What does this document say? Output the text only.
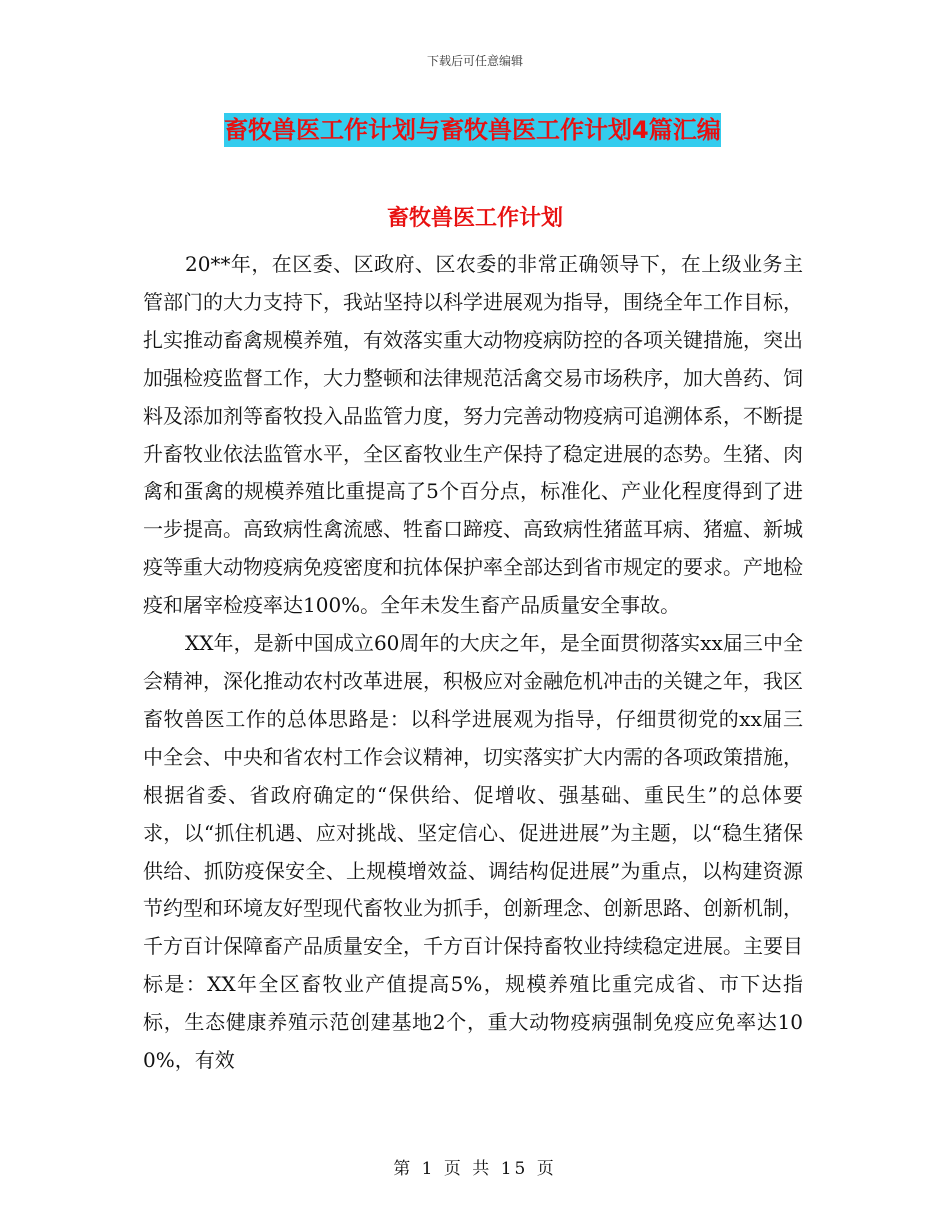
下载后可任意编辑
畜牧兽医工作计划与畜牧兽医工作计划4篇汇编
畜牧兽医工作计划

20**年，在区委、区政府、区农委的非常正确领导下，在上级业务主管部门的大力支持下，我站坚持以科学进展观为指导，围绕全年工作目标，扎实推动畜禽规模养殖，有效落实重大动物疫病防控的各项关键措施，突出加强检疫监督工作，大力整顿和法律规范活禽交易市场秩序，加大兽药、饲料及添加剂等畜牧投入品监管力度，努力完善动物疫病可追溯体系，不断提升畜牧业依法监管水平，全区畜牧业生产保持了稳定进展的态势。生猪、肉禽和蛋禽的规模养殖比重提高了5个百分点，标准化、产业化程度得到了进一步提高。高致病性禽流感、牲畜口蹄疫、高致病性猪蓝耳病、猪瘟、新城疫等重大动物疫病免疫密度和抗体保护率全部达到省市规定的要求。产地检疫和屠宰检疫率达100%。全年未发生畜产品质量安全事故。

XX年，是新中国成立60周年的大庆之年，是全面贯彻落实xx届三中全会精神，深化推动农村改革进展，积极应对金融危机冲击的关键之年，我区畜牧兽医工作的总体思路是：以科学进展观为指导，仔细贯彻党的xx届三中全会、中央和省农村工作会议精神，切实落实扩大内需的各项政策措施，根据省委、省政府确定的“保供给、促增收、强基础、重民生”的总体要求，以“抓住机遇、应对挑战、坚定信心、促进进展”为主题，以“稳生猪保供给、抓防疫保安全、上规模增效益、调结构促进展”为重点，以构建资源节约型和环境友好型现代畜牧业为抓手，创新理念、创新思路、创新机制，千方百计保障畜产品质量安全，千方百计保持畜牧业持续稳定进展。主要目标是：XX年全区畜牧业产值提高5%，规模养殖比重完成省、市下达指标，生态健康养殖示范创建基地2个，重大动物疫病强制免疫应免率达100%，有效

第 1 页 共 15 页
